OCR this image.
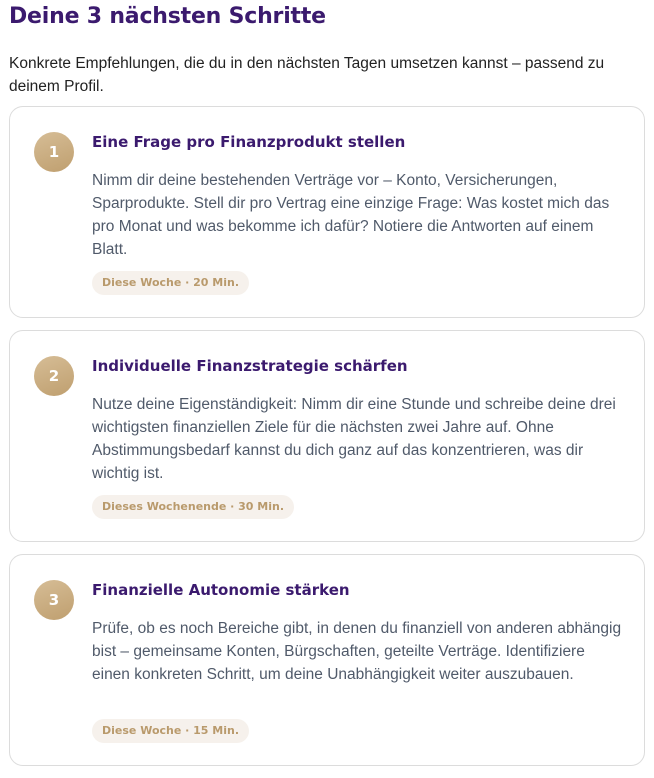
Deine 3 nächsten Schritte

Konkrete Empfehlungen, die du in den nächsten Tagen umsetzen kannst – passend zu deinem Profil.

1
Eine Frage pro Finanzprodukt stellen

Nimm dir deine bestehenden Verträge vor – Konto, Versicherungen, Sparprodukte. Stell dir pro Vertrag eine einzige Frage: Was kostet mich das pro Monat und was bekomme ich dafür? Notiere die Antworten auf einem Blatt.

Diese Woche · 20 Min.
2
Individuelle Finanzstrategie schärfen

Nutze deine Eigenständigkeit: Nimm dir eine Stunde und schreibe deine drei wichtigsten finanziellen Ziele für die nächsten zwei Jahre auf. Ohne Abstimmungsbedarf kannst du dich ganz auf das konzentrieren, was dir wichtig ist.

Dieses Wochenende · 30 Min.
3
Finanzielle Autonomie stärken

Prüfe, ob es noch Bereiche gibt, in denen du finanziell von anderen abhängig bist – gemeinsame Konten, Bürgschaften, geteilte Verträge. Identifiziere einen konkreten Schritt, um deine Unabhängigkeit weiter auszubauen.

Diese Woche · 15 Min.
